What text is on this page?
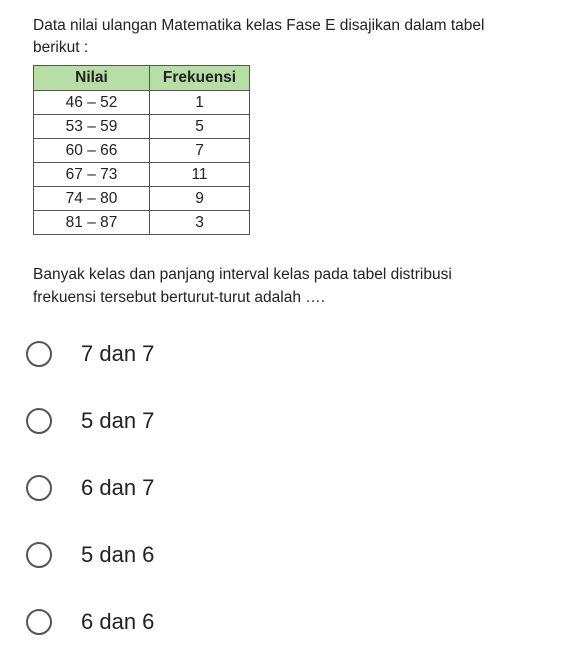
Data nilai ulangan Matematika kelas Fase E disajikan dalam tabel
berikut :

Nilai	Frekuensi
46 – 52	1
53 – 59	5
60 – 66	7
67 – 73	11
74 – 80	9
81 – 87	3

Banyak kelas dan panjang interval kelas pada tabel distribusi
frekuensi tersebut berturut-turut adalah ….

7 dan 7
5 dan 7
6 dan 7
5 dan 6
6 dan 6
